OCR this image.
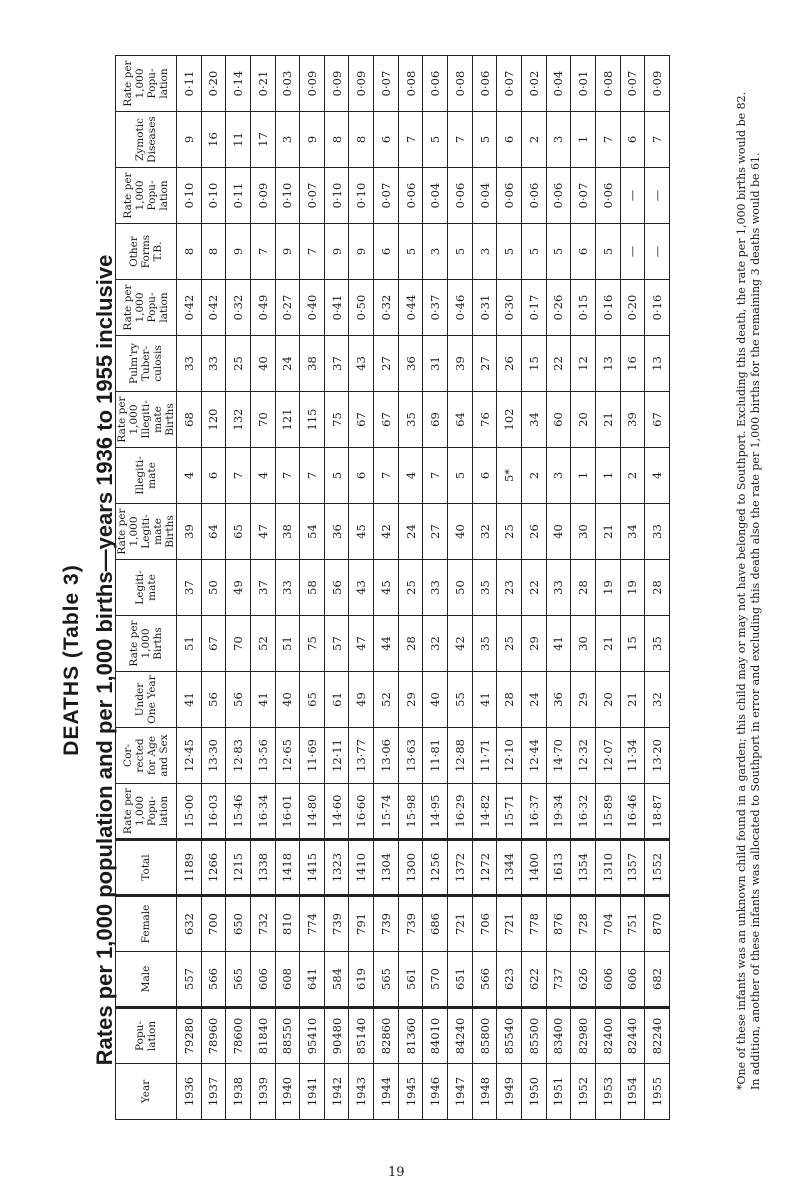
DEATHS (Table 3) Rates per 1,000 population and per 1,000 births—years 1936 to 1955 inclusive
Year	Popu-lation	Male	Female	Total	Rate per 1,000 Popu-lation	Cor-rected for Age and Sex	Under One Year	Rate per 1,000 Births	Legiti-mate	Rate per 1,000 Legiti-mate Births	Illegiti-mate	Rate per 1,000 Illegiti-mate Births	Pulm'ry Tuber-culosis	Rate per 1,000 Popu-lation	Other Forms T.B.	Rate per 1,000 Popu-lation	Zymotic Diseases	Rate per 1,000 Popu-lation
1936	79280	557	632	1189	15·00	12·45	41	51	37	39	4	68	33	0·42	8	0·10	9	0·11
1937	78960	566	700	1266	16·03	13·30	56	67	50	64	6	120	33	0·42	8	0·10	16	0·20
1938	78600	565	650	1215	15·46	12·83	56	70	49	65	7	132	25	0·32	9	0·11	11	0·14
1939	81840	606	732	1338	16·34	13·56	41	52	37	47	4	70	40	0·49	7	0·09	17	0·21
1940	88550	608	810	1418	16·01	12·65	40	51	33	38	7	121	24	0·27	9	0·10	3	0·03
1941	95410	641	774	1415	14·80	11·69	65	75	58	54	7	115	38	0·40	7	0·07	9	0·09
1942	90480	584	739	1323	14·60	12·11	61	57	56	36	5	75	37	0·41	9	0·10	8	0·09
1943	85140	619	791	1410	16·60	13·77	49	47	43	45	6	67	43	0·50	9	0·10	8	0·09
1944	82860	565	739	1304	15·74	13·06	52	44	45	42	7	67	27	0·32	6	0·07	6	0·07
1945	81360	561	739	1300	15·98	13·63	29	28	25	24	4	35	36	0·44	5	0·06	7	0·08
1946	84010	570	686	1256	14·95	11·81	40	32	33	27	7	69	31	0·37	3	0·04	5	0·06
1947	84240	651	721	1372	16·29	12·88	55	42	50	40	5	64	39	0·46	5	0·06	7	0·08
1948	85800	566	706	1272	14·82	11·71	41	35	35	32	6	76	27	0·31	3	0·04	5	0·06
1949	85540	623	721	1344	15·71	12·10	28	25	23	25	5*	102	26	0·30	5	0·06	6	0·07
1950	85500	622	778	1400	16·37	12·44	24	29	22	26	2	34	15	0·17	5	0·06	2	0·02
1951	83400	737	876	1613	19·34	14·70	36	41	33	40	3	60	22	0·26	5	0·06	3	0·04
1952	82980	626	728	1354	16·32	12·32	29	30	28	30	1	20	12	0·15	6	0·07	1	0·01
1953	82400	606	704	1310	15·89	12·07	20	21	19	21	1	21	13	0·16	5	0·06	7	0·08
1954	82440	606	751	1357	16·46	11·34	21	15	19	34	2	39	16	0·20	—	—	6	0·07
1955	82240	682	870	1552	18·87	13·20	32	35	28	33	4	67	13	0·16	—	—	7	0·09
*One of these infants was an unknown child found in a garden; this child may or may not have belonged to Southport. Excluding this death, the rate per 1,000 births would be 82. In addition, another of these infants was allocated to Southport in error and excluding this death also the rate per 1,000 births for the remaining 3 deaths would be 61.
19
